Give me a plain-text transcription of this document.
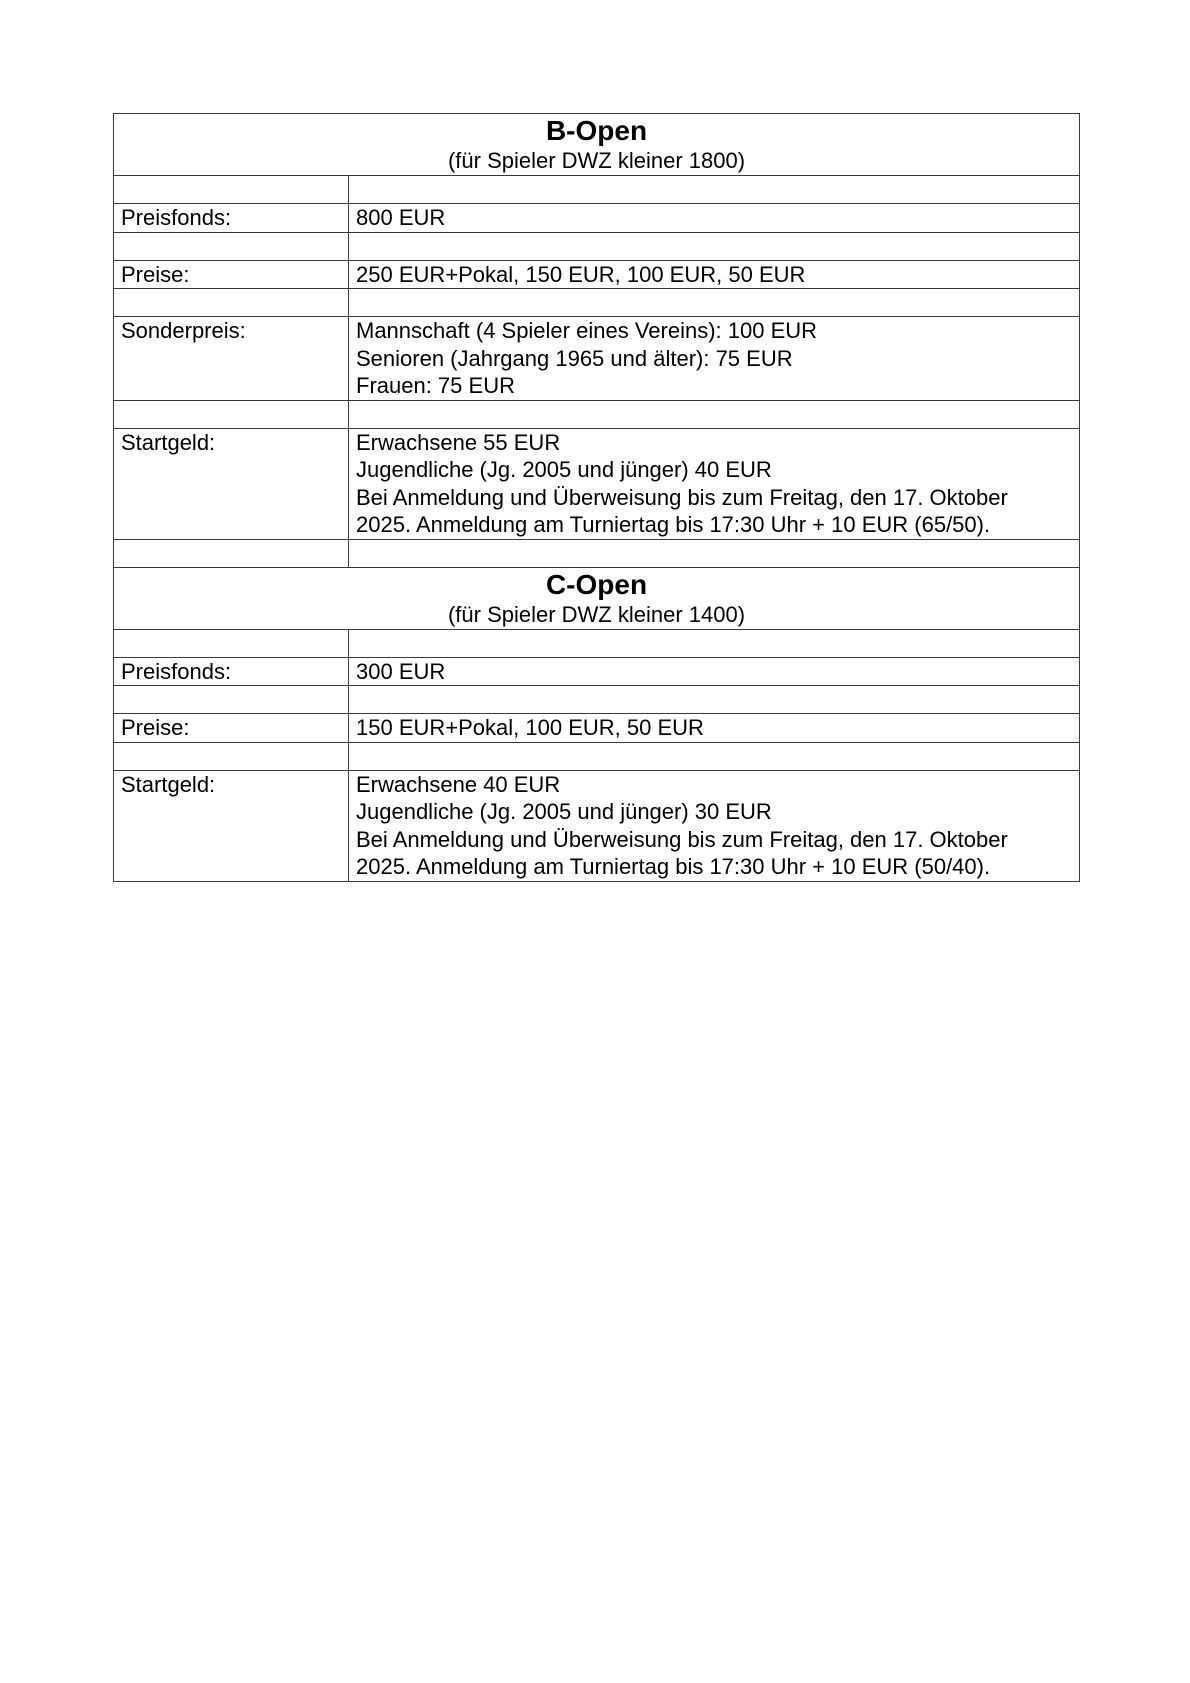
B-Open
(für Spieler DWZ kleiner 1800)	

Preisfonds:	800 EUR

Preise:	250 EUR+Pokal, 150 EUR, 100 EUR, 50 EUR

Sonderpreis:	Mannschaft (4 Spieler eines Vereins): 100 EUR
Senioren (Jahrgang 1965 und älter): 75 EUR
Frauen: 75 EUR

Startgeld:	Erwachsene 55 EUR
Jugendliche (Jg. 2005 und jünger) 40 EUR
Bei Anmeldung und Überweisung bis zum Freitag, den 17. Oktober
2025. Anmeldung am Turniertag bis 17:30 Uhr + 10 EUR (65/50).

C-Open
(für Spieler DWZ kleiner 1400)	

Preisfonds:	300 EUR

Preise:	150 EUR+Pokal, 100 EUR, 50 EUR

Startgeld:	Erwachsene 40 EUR
Jugendliche (Jg. 2005 und jünger) 30 EUR
Bei Anmeldung und Überweisung bis zum Freitag, den 17. Oktober
2025. Anmeldung am Turniertag bis 17:30 Uhr + 10 EUR (50/40).
